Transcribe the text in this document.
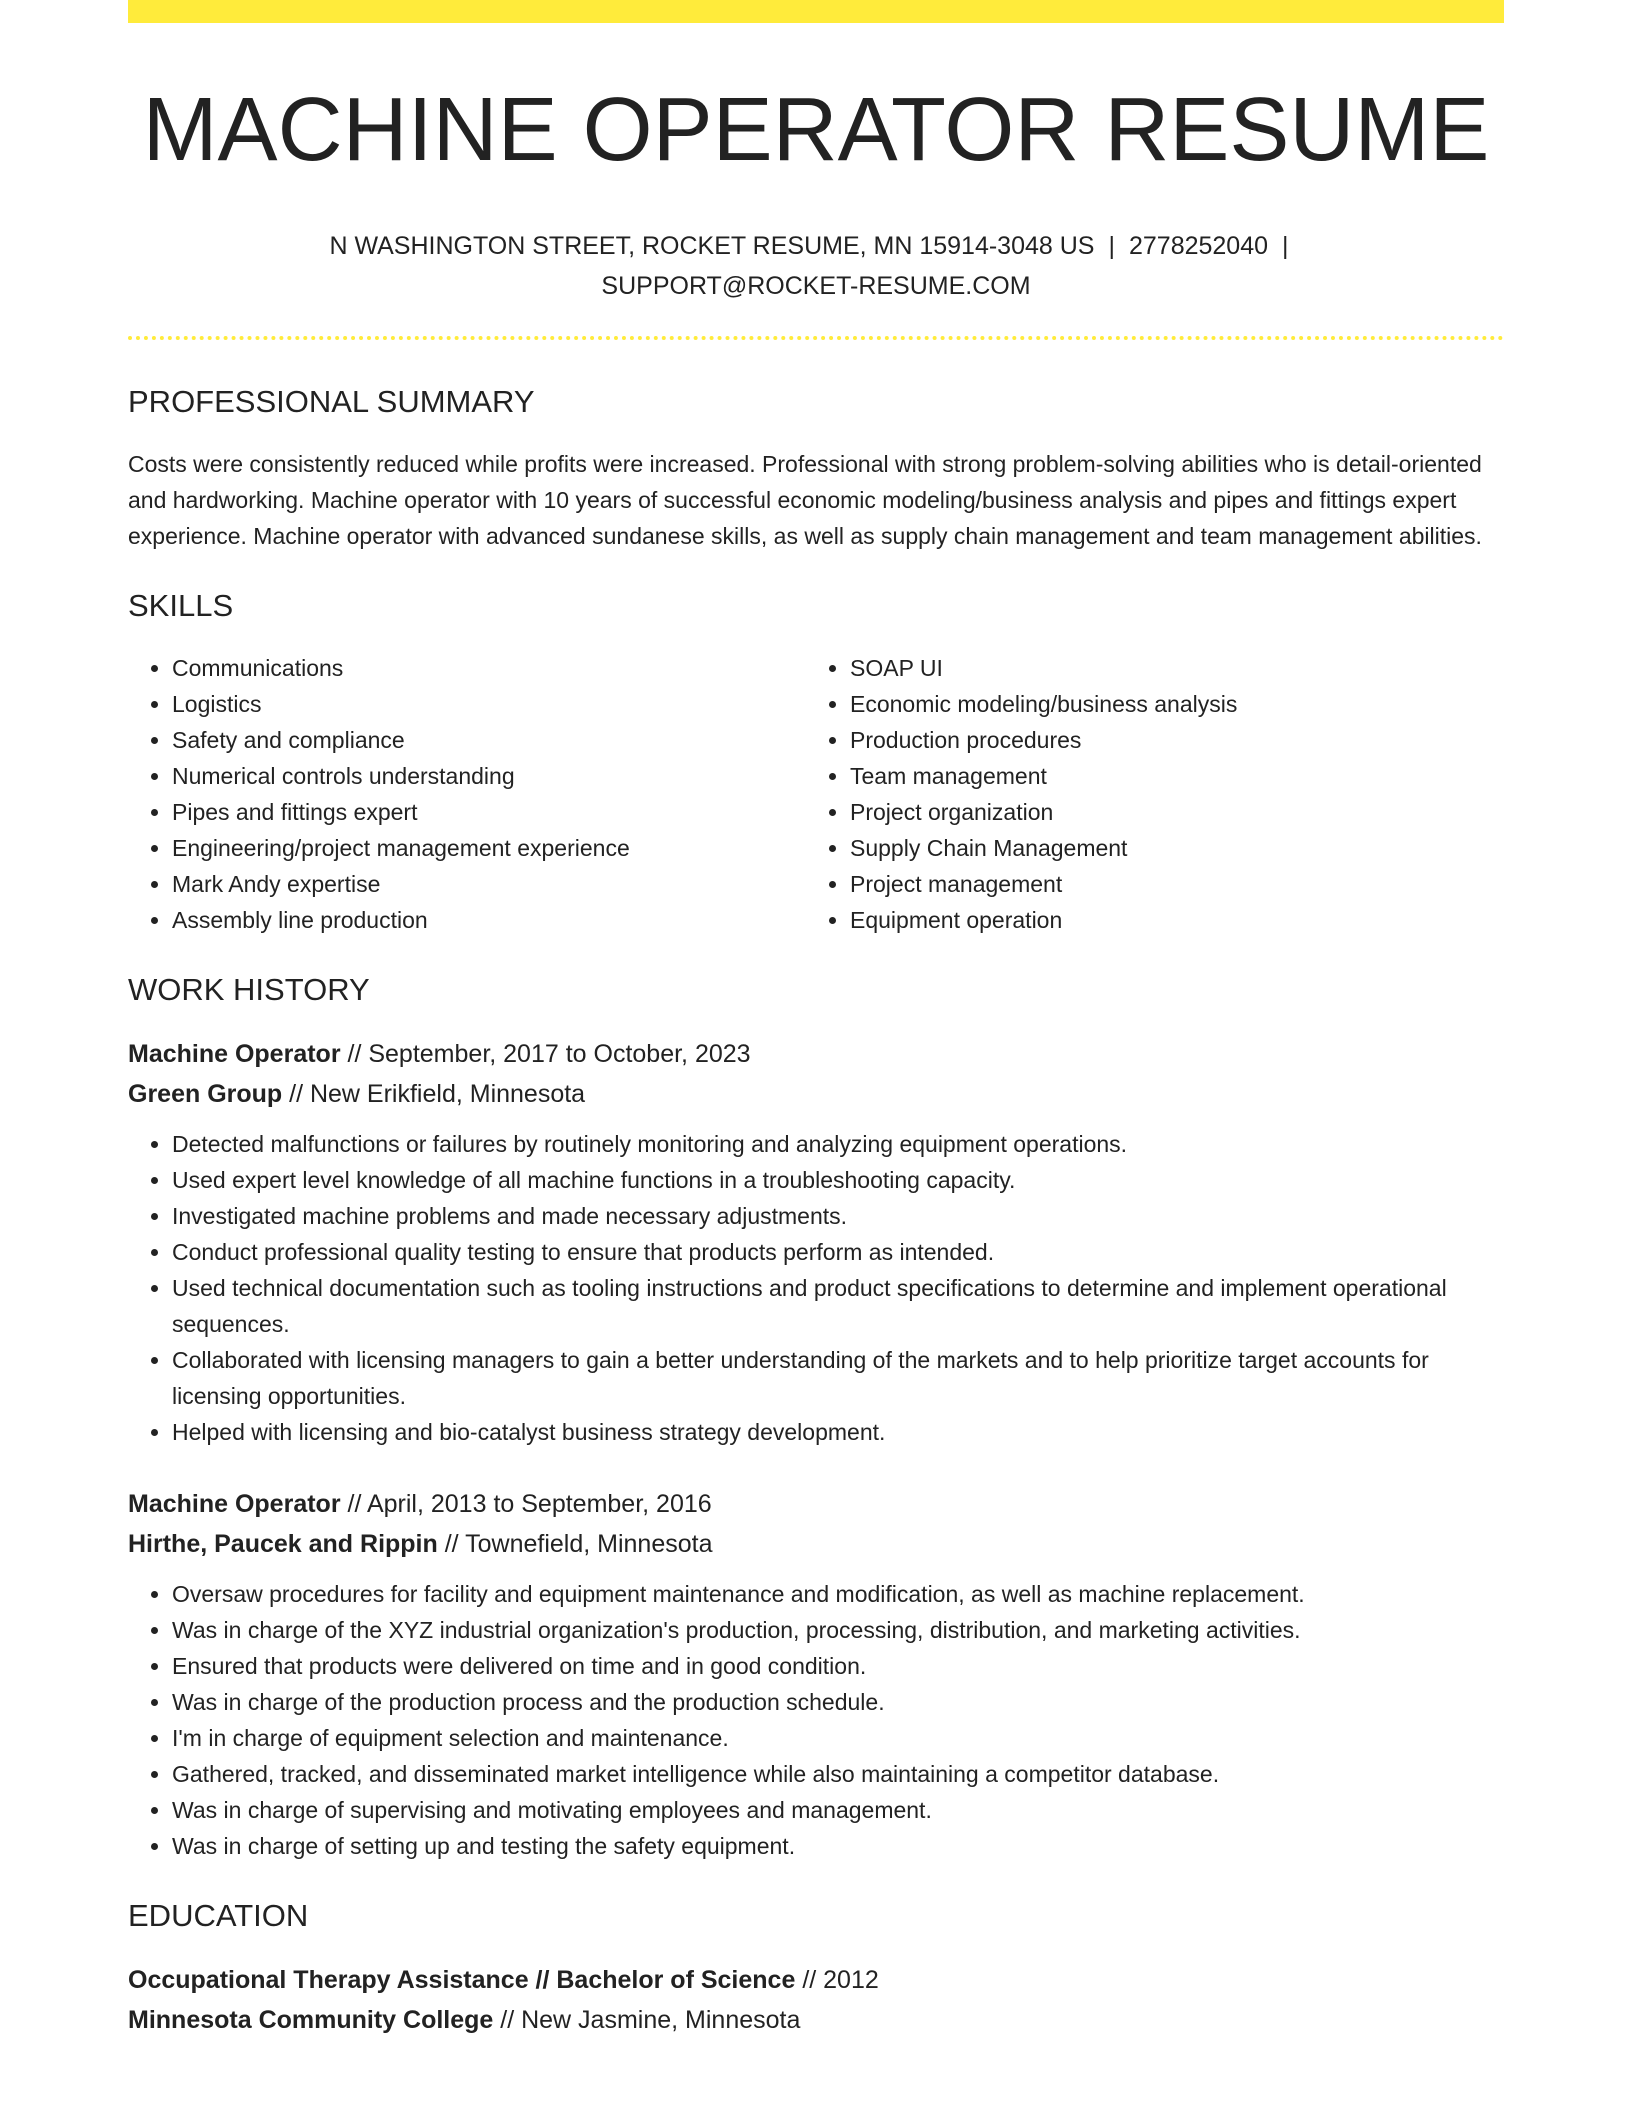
MACHINE OPERATOR RESUME
N WASHINGTON STREET, ROCKET RESUME, MN 15914-3048 US | 2778252040 |
SUPPORT@ROCKET-RESUME.COM
PROFESSIONAL SUMMARY

Costs were consistently reduced while profits were increased. Professional with strong problem-solving abilities who is detail-oriented and hardworking. Machine operator with 10 years of successful economic modeling/business analysis and pipes and fittings expert experience. Machine operator with advanced sundanese skills, as well as supply chain management and team management abilities.

SKILLS
• Communications
• Logistics
• Safety and compliance
• Numerical controls understanding
• Pipes and fittings expert
• Engineering/project management experience
• Mark Andy expertise
• Assembly line production
• SOAP UI
• Economic modeling/business analysis
• Production procedures
• Team management
• Project organization
• Supply Chain Management
• Project management
• Equipment operation
WORK HISTORY
Machine Operator // September, 2017 to October, 2023
Green Group // New Erikfield, Minnesota
• Detected malfunctions or failures by routinely monitoring and analyzing equipment operations.
• Used expert level knowledge of all machine functions in a troubleshooting capacity.
• Investigated machine problems and made necessary adjustments.
• Conduct professional quality testing to ensure that products perform as intended.
• Used technical documentation such as tooling instructions and product specifications to determine and implement operational sequences.
• Collaborated with licensing managers to gain a better understanding of the markets and to help prioritize target accounts for licensing opportunities.
• Helped with licensing and bio-catalyst business strategy development.
Machine Operator // April, 2013 to September, 2016
Hirthe, Paucek and Rippin // Townefield, Minnesota
• Oversaw procedures for facility and equipment maintenance and modification, as well as machine replacement.
• Was in charge of the XYZ industrial organization's production, processing, distribution, and marketing activities.
• Ensured that products were delivered on time and in good condition.
• Was in charge of the production process and the production schedule.
• I'm in charge of equipment selection and maintenance.
• Gathered, tracked, and disseminated market intelligence while also maintaining a competitor database.
• Was in charge of supervising and motivating employees and management.
• Was in charge of setting up and testing the safety equipment.
EDUCATION
Occupational Therapy Assistance // Bachelor of Science // 2012
Minnesota Community College // New Jasmine, Minnesota
